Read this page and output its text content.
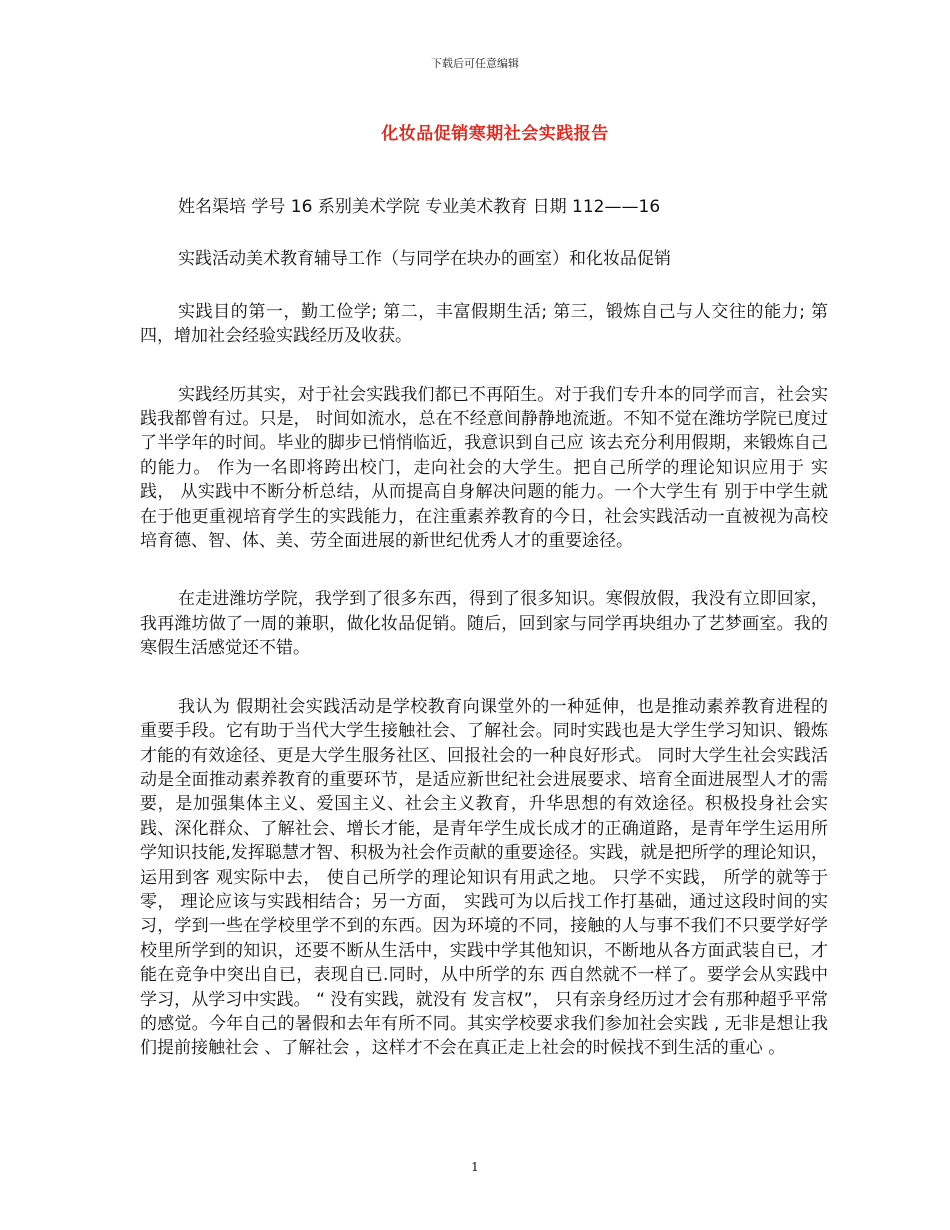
下载后可任意编辑
化妆品促销寒期社会实践报告

姓名渠培 学号 16 系别美术学院 专业美术教育 日期 112——16

实践活动美术教育辅导工作（与同学在块办的画室）和化妆品促销

实践目的第一，勤工俭学; 第二，丰富假期生活; 第三，锻炼自己与人交往的能力; 第四，增加社会经验实践经历及收获。

实践经历其实，对于社会实践我们都已不再陌生。对于我们专升本的同学而言，社会实践我都曾有过。只是， 时间如流水，总在不经意间静静地流逝。不知不觉在潍坊学院已度过了半学年的时间。毕业的脚步已悄悄临近，我意识到自己应 该去充分利用假期，来锻炼自己的能力。 作为一名即将跨出校门，走向社会的大学生。把自己所学的理论知识应用于 实践， 从实践中不断分析总结，从而提高自身解决问题的能力。一个大学生有 别于中学生就在于他更重视培育学生的实践能力，在注重素养教育的今日，社会实践活动一直被视为高校培育德、智、体、美、劳全面进展的新世纪优秀人才的重要途径。

在走进潍坊学院，我学到了很多东西，得到了很多知识。寒假放假，我没有立即回家，我再潍坊做了一周的兼职，做化妆品促销。随后，回到家与同学再块组办了艺梦画室。我的寒假生活感觉还不错。

我认为 假期社会实践活动是学校教育向课堂外的一种延伸，也是推动素养教育进程的重要手段。它有助于当代大学生接触社会、了解社会。同时实践也是大学生学习知识、锻炼才能的有效途径、更是大学生服务社区、回报社会的一种良好形式。 同时大学生社会实践活动是全面推动素养教育的重要环节，是适应新世纪社会进展要求、培育全面进展型人才的需要，是加强集体主义、爱国主义、社会主义教育，升华思想的有效途径。积极投身社会实践、深化群众、了解社会、增长才能，是青年学生成长成才的正确道路，是青年学生运用所学知识技能,发挥聪慧才智、积极为社会作贡献的重要途径。实践，就是把所学的理论知识，运用到客 观实际中去， 使自己所学的理论知识有用武之地。 只学不实践， 所学的就等于零， 理论应该与实践相结合；另一方面， 实践可为以后找工作打基础，通过这段时间的实习，学到一些在学校里学不到的东西。因为环境的不同，接触的人与事不我们不只要学好学校里所学到的知识，还要不断从生活中，实践中学其他知识，不断地从各方面武装自已，才能在竞争中突出自已，表现自已.同时，从中所学的东 西自然就不一样了。要学会从实践中学习，从学习中实践。 “ 没有实践，就没有 发言权”， 只有亲身经历过才会有那种超乎平常的感觉。今年自己的暑假和去年有所不同。其实学校要求我们参加社会实践 , 无非是想让我们提前接触社会 、了解社会 ，这样才不会在真正走上社会的时候找不到生活的重心 。

1
